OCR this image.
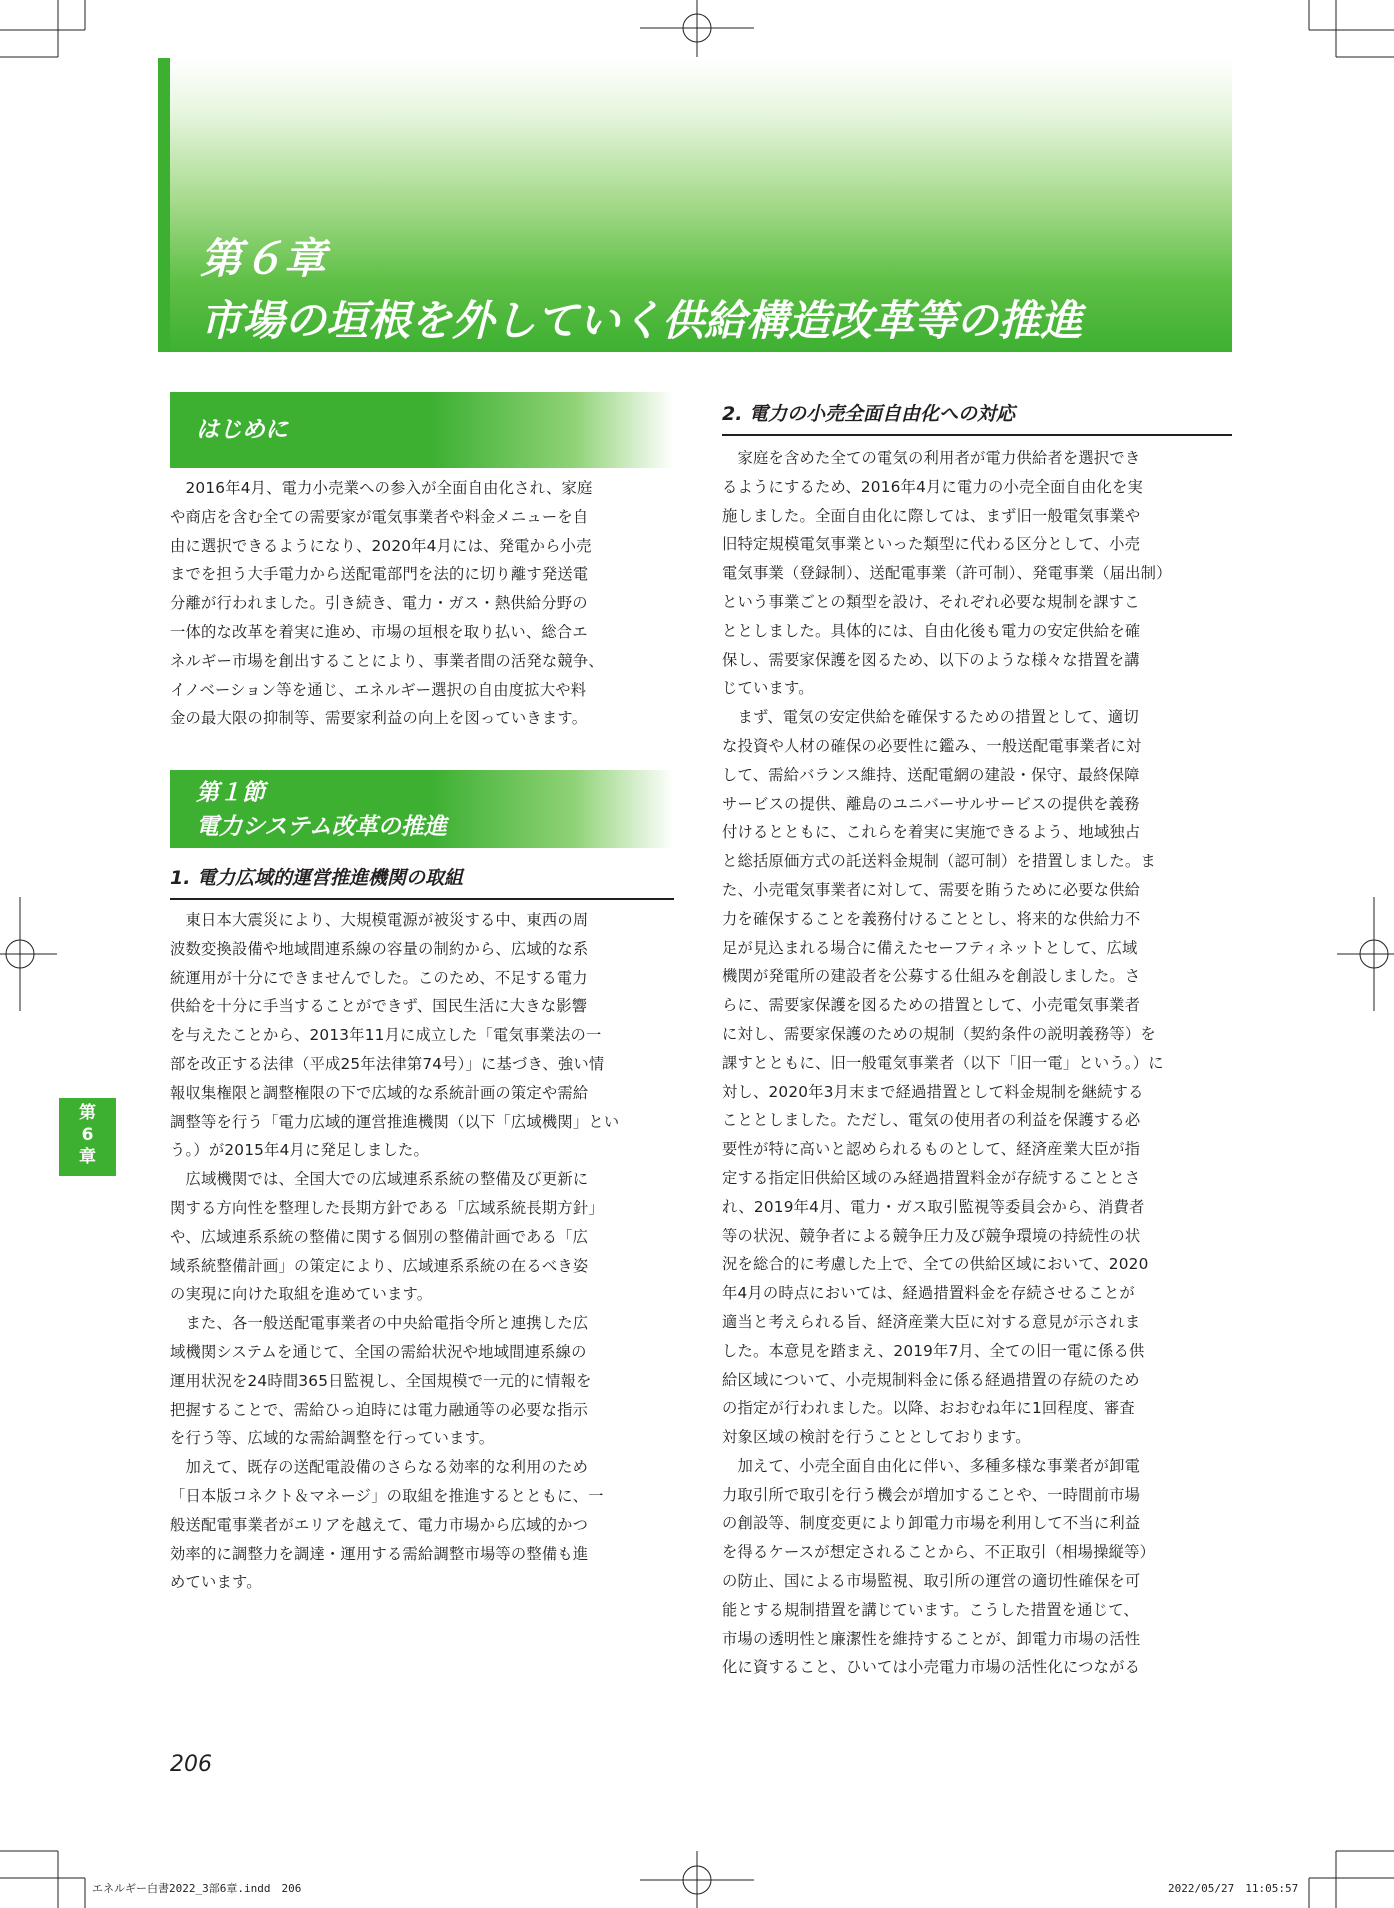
第６章
市場の垣根を外していく供給構造改革等の推進
はじめに
　2016年4月、電力小売業への参入が全面自由化され、家庭
や商店を含む全ての需要家が電気事業者や料金メニューを自
由に選択できるようになり、2020年4月には、発電から小売
までを担う大手電力から送配電部門を法的に切り離す発送電
分離が行われました。引き続き、電力・ガス・熱供給分野の
一体的な改革を着実に進め、市場の垣根を取り払い、総合エ
ネルギー市場を創出することにより、事業者間の活発な競争、
イノベーション等を通じ、エネルギー選択の自由度拡大や料
金の最大限の抑制等、需要家利益の向上を図っていきます。
第１節
電力システム改革の推進
1. 電力広域的運営推進機関の取組
　東日本大震災により、大規模電源が被災する中、東西の周
波数変換設備や地域間連系線の容量の制約から、広域的な系
統運用が十分にできませんでした。このため、不足する電力
供給を十分に手当することができず、国民生活に大きな影響
を与えたことから、2013年11月に成立した「電気事業法の一
部を改正する法律（平成25年法律第74号）」に基づき、強い情
報収集権限と調整権限の下で広域的な系統計画の策定や需給
調整等を行う「電力広域的運営推進機関（以下「広域機関」とい
う。）が2015年4月に発足しました。
　広域機関では、全国大での広域連系系統の整備及び更新に
関する方向性を整理した長期方針である「広域系統長期方針」
や、広域連系系統の整備に関する個別の整備計画である「広
域系統整備計画」の策定により、広域連系系統の在るべき姿
の実現に向けた取組を進めています。
　また、各一般送配電事業者の中央給電指令所と連携した広
域機関システムを通じて、全国の需給状況や地域間連系線の
運用状況を24時間365日監視し、全国規模で一元的に情報を
把握することで、需給ひっ迫時には電力融通等の必要な指示
を行う等、広域的な需給調整を行っています。
　加えて、既存の送配電設備のさらなる効率的な利用のため
「日本版コネクト＆マネージ」の取組を推進するとともに、一
般送配電事業者がエリアを越えて、電力市場から広域的かつ
効率的に調整力を調達・運用する需給調整市場等の整備も進
めています。
2. 電力の小売全面自由化への対応
　家庭を含めた全ての電気の利用者が電力供給者を選択でき
るようにするため、2016年4月に電力の小売全面自由化を実
施しました。全面自由化に際しては、まず旧一般電気事業や
旧特定規模電気事業といった類型に代わる区分として、小売
電気事業（登録制）、送配電事業（許可制）、発電事業（届出制）
という事業ごとの類型を設け、それぞれ必要な規制を課すこ
ととしました。具体的には、自由化後も電力の安定供給を確
保し、需要家保護を図るため、以下のような様々な措置を講
じています。
　まず、電気の安定供給を確保するための措置として、適切
な投資や人材の確保の必要性に鑑み、一般送配電事業者に対
して、需給バランス維持、送配電網の建設・保守、最終保障
サービスの提供、離島のユニバーサルサービスの提供を義務
付けるとともに、これらを着実に実施できるよう、地域独占
と総括原価方式の託送料金規制（認可制）を措置しました。ま
た、小売電気事業者に対して、需要を賄うために必要な供給
力を確保することを義務付けることとし、将来的な供給力不
足が見込まれる場合に備えたセーフティネットとして、広域
機関が発電所の建設者を公募する仕組みを創設しました。さ
らに、需要家保護を図るための措置として、小売電気事業者
に対し、需要家保護のための規制（契約条件の説明義務等）を
課すとともに、旧一般電気事業者（以下「旧一電」という。）に
対し、2020年3月末まで経過措置として料金規制を継続する
こととしました。ただし、電気の使用者の利益を保護する必
要性が特に高いと認められるものとして、経済産業大臣が指
定する指定旧供給区域のみ経過措置料金が存続することとさ
れ、2019年4月、電力・ガス取引監視等委員会から、消費者
等の状況、競争者による競争圧力及び競争環境の持続性の状
況を総合的に考慮した上で、全ての供給区域において、2020
年4月の時点においては、経過措置料金を存続させることが
適当と考えられる旨、経済産業大臣に対する意見が示されま
した。本意見を踏まえ、2019年7月、全ての旧一電に係る供
給区域について、小売規制料金に係る経過措置の存続のため
の指定が行われました。以降、おおむね年に1回程度、審査
対象区域の検討を行うこととしております。
　加えて、小売全面自由化に伴い、多種多様な事業者が卸電
力取引所で取引を行う機会が増加することや、一時間前市場
の創設等、制度変更により卸電力市場を利用して不当に利益
を得るケースが想定されることから、不正取引（相場操縦等）
の防止、国による市場監視、取引所の運営の適切性確保を可
能とする規制措置を講じています。こうした措置を通じて、
市場の透明性と廉潔性を維持することが、卸電力市場の活性
化に資すること、ひいては小売電力市場の活性化につながる
第
6
章
206
エネルギー白書2022_3部6章.indd　206	2022/05/27　11:05:57
